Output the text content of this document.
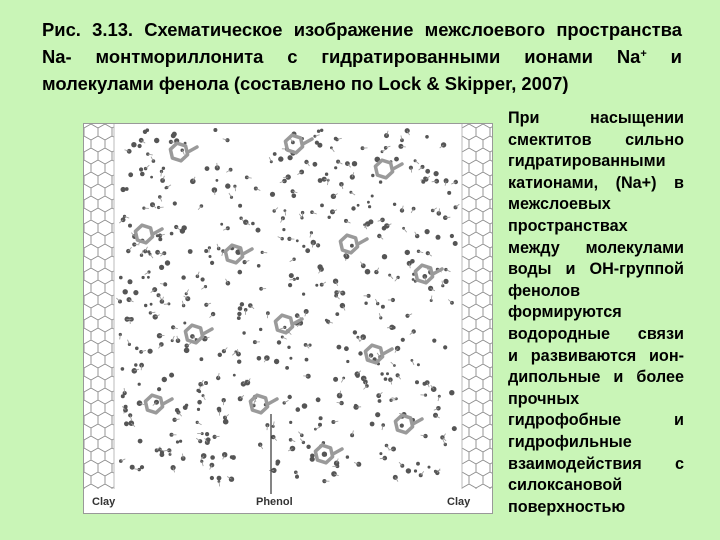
Рис. 3.13. Схематическое изображение межслоевого пространства Na- монтмориллонита с гидратированными ионами Na+ и молекулами фенола (составлено по Lock & Skipper, 2007)

Clay	Phenol	Clay
При насыщении
смектитов сильно
гидратированными
катионами, (Na+) в
межслоевых
пространствах
между молекулами
воды и ОН-группой
фенолов
формируются
водородные связи
и развиваются ион-
дипольные и более
прочных
гидрофобные и
гидрофильные
взаимодействия с
силоксановой
поверхностью
